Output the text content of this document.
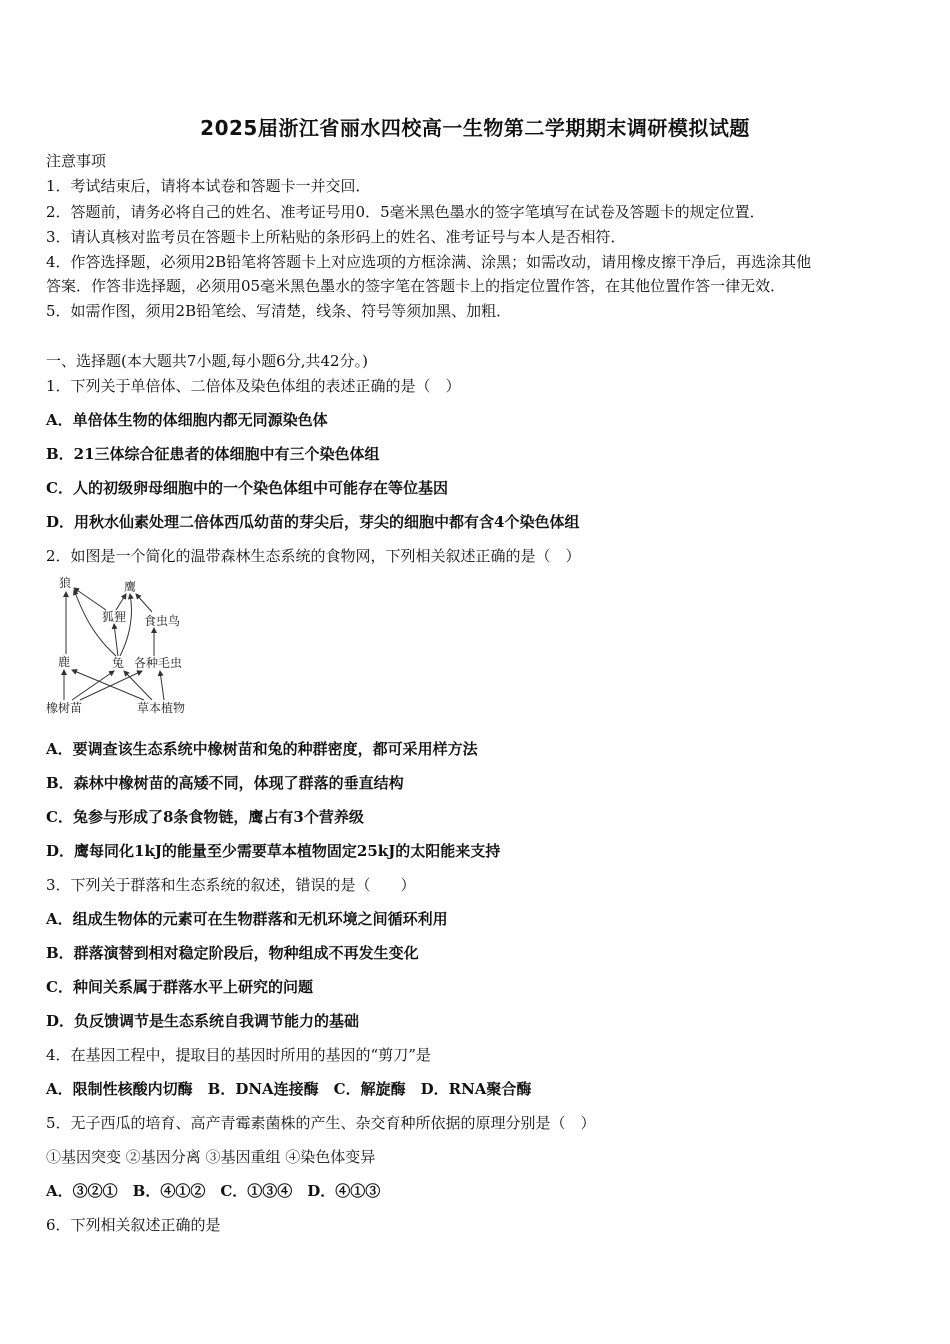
2025届浙江省丽水四校高一生物第二学期期末调研模拟试题
注意事项
1．考试结束后，请将本试卷和答题卡一并交回．
2．答题前，请务必将自己的姓名、准考证号用0．5毫米黑色墨水的签字笔填写在试卷及答题卡的规定位置．
3．请认真核对监考员在答题卡上所粘贴的条形码上的姓名、准考证号与本人是否相符．
4．作答选择题，必须用2B铅笔将答题卡上对应选项的方框涂满、涂黑；如需改动，请用橡皮擦干净后，再选涂其他
答案．作答非选择题，必须用05毫米黑色墨水的签字笔在答题卡上的指定位置作答，在其他位置作答一律无效．
5．如需作图，须用2B铅笔绘、写清楚，线条、符号等须加黑、加粗．
一、选择题(本大题共7小题,每小题6分,共42分。)
1．下列关于单倍体、二倍体及染色体组的表述正确的是（　）
A．单倍体生物的体细胞内都无同源染色体
B．21三体综合征患者的体细胞中有三个染色体组
C．人的初级卵母细胞中的一个染色体组中可能存在等位基因
D．用秋水仙素处理二倍体西瓜幼苗的芽尖后，芽尖的细胞中都有含4个染色体组
2．如图是一个简化的温带森林生态系统的食物网，下列相关叙述正确的是（　）
狼	鹰
狐狸 食虫鸟
鹿	兔 各种毛虫
橡树苗	草本植物
A．要调查该生态系统中橡树苗和兔的种群密度，都可采用样方法
B．森林中橡树苗的高矮不同，体现了群落的垂直结构
C．兔参与形成了8条食物链，鹰占有3个营养级
D．鹰每同化1kJ的能量至少需要草本植物固定25kJ的太阳能来支持
3．下列关于群落和生态系统的叙述，错误的是（　　）
A．组成生物体的元素可在生物群落和无机环境之间循环利用
B．群落演替到相对稳定阶段后，物种组成不再发生变化
C．种间关系属于群落水平上研究的问题
D．负反馈调节是生态系统自我调节能力的基础
4．在基因工程中，提取目的基因时所用的基因的“剪刀”是
A．限制性核酸内切酶　B．DNA连接酶　C．解旋酶　D．RNA聚合酶
5．无子西瓜的培育、高产青霉素菌株的产生、杂交育种所依据的原理分别是（　）
①基因突变 ②基因分离 ③基因重组 ④染色体变异
A．③②①　B．④①②　C．①③④　D．④①③
6．下列相关叙述正确的是
